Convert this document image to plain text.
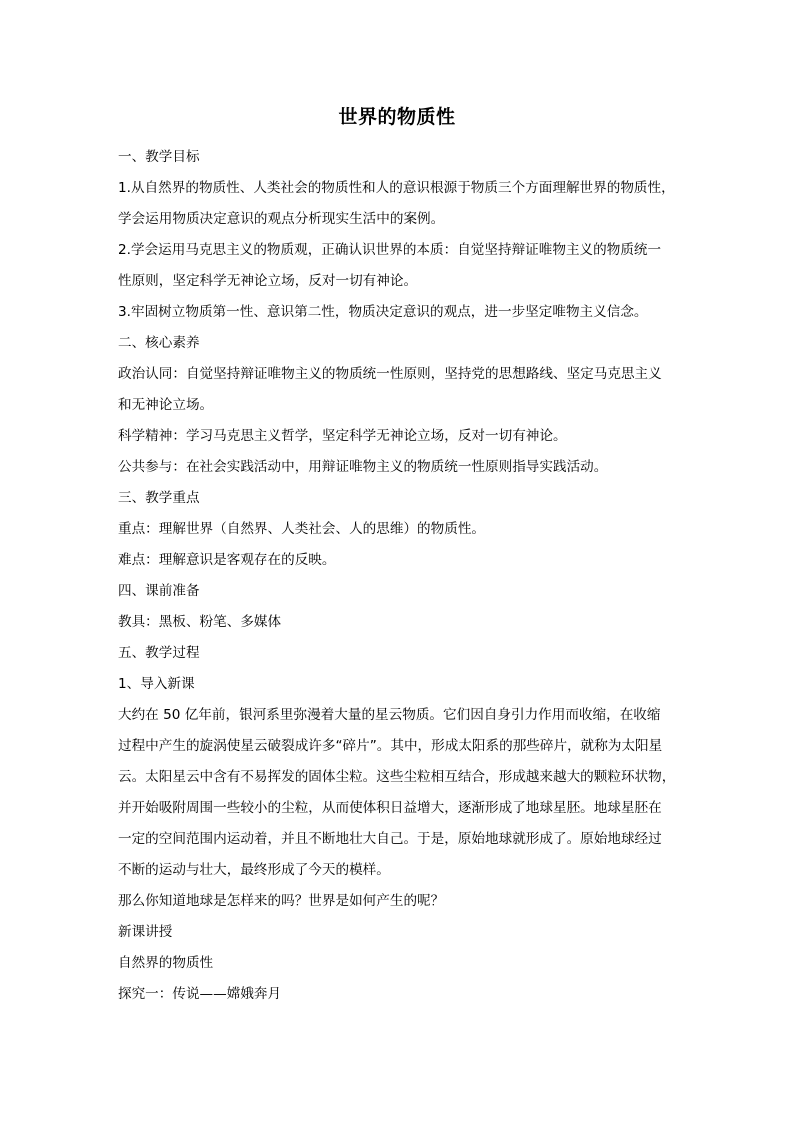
世界的物质性
一、教学目标
1.从自然界的物质性、人类社会的物质性和人的意识根源于物质三个方面理解世界的物质性，
学会运用物质决定意识的观点分析现实生活中的案例。
2.学会运用马克思主义的物质观，正确认识世界的本质：自觉坚持辩证唯物主义的物质统一
性原则，坚定科学无神论立场，反对一切有神论。
3.牢固树立物质第一性、意识第二性，物质决定意识的观点，进一步坚定唯物主义信念。
二、核心素养
政治认同：自觉坚持辩证唯物主义的物质统一性原则，坚持党的思想路线、坚定马克思主义
和无神论立场。
科学精神：学习马克思主义哲学，坚定科学无神论立场，反对一切有神论。
公共参与：在社会实践活动中，用辩证唯物主义的物质统一性原则指导实践活动。
三、教学重点
重点：理解世界（自然界、人类社会、人的思维）的物质性。
难点：理解意识是客观存在的反映。
四、课前准备
教具：黑板、粉笔、多媒体
五、教学过程
1、导入新课
大约在 50 亿年前，银河系里弥漫着大量的星云物质。它们因自身引力作用而收缩，在收缩
过程中产生的旋涡使星云破裂成许多“碎片”。其中，形成太阳系的那些碎片，就称为太阳星
云。太阳星云中含有不易挥发的固体尘粒。这些尘粒相互结合，形成越来越大的颗粒环状物，
并开始吸附周围一些较小的尘粒，从而使体积日益增大，逐渐形成了地球星胚。地球星胚在
一定的空间范围内运动着，并且不断地壮大自己。于是，原始地球就形成了。原始地球经过
不断的运动与壮大，最终形成了今天的模样。
那么你知道地球是怎样来的吗？世界是如何产生的呢？
新课讲授
自然界的物质性
探究一：传说——嫦娥奔月
